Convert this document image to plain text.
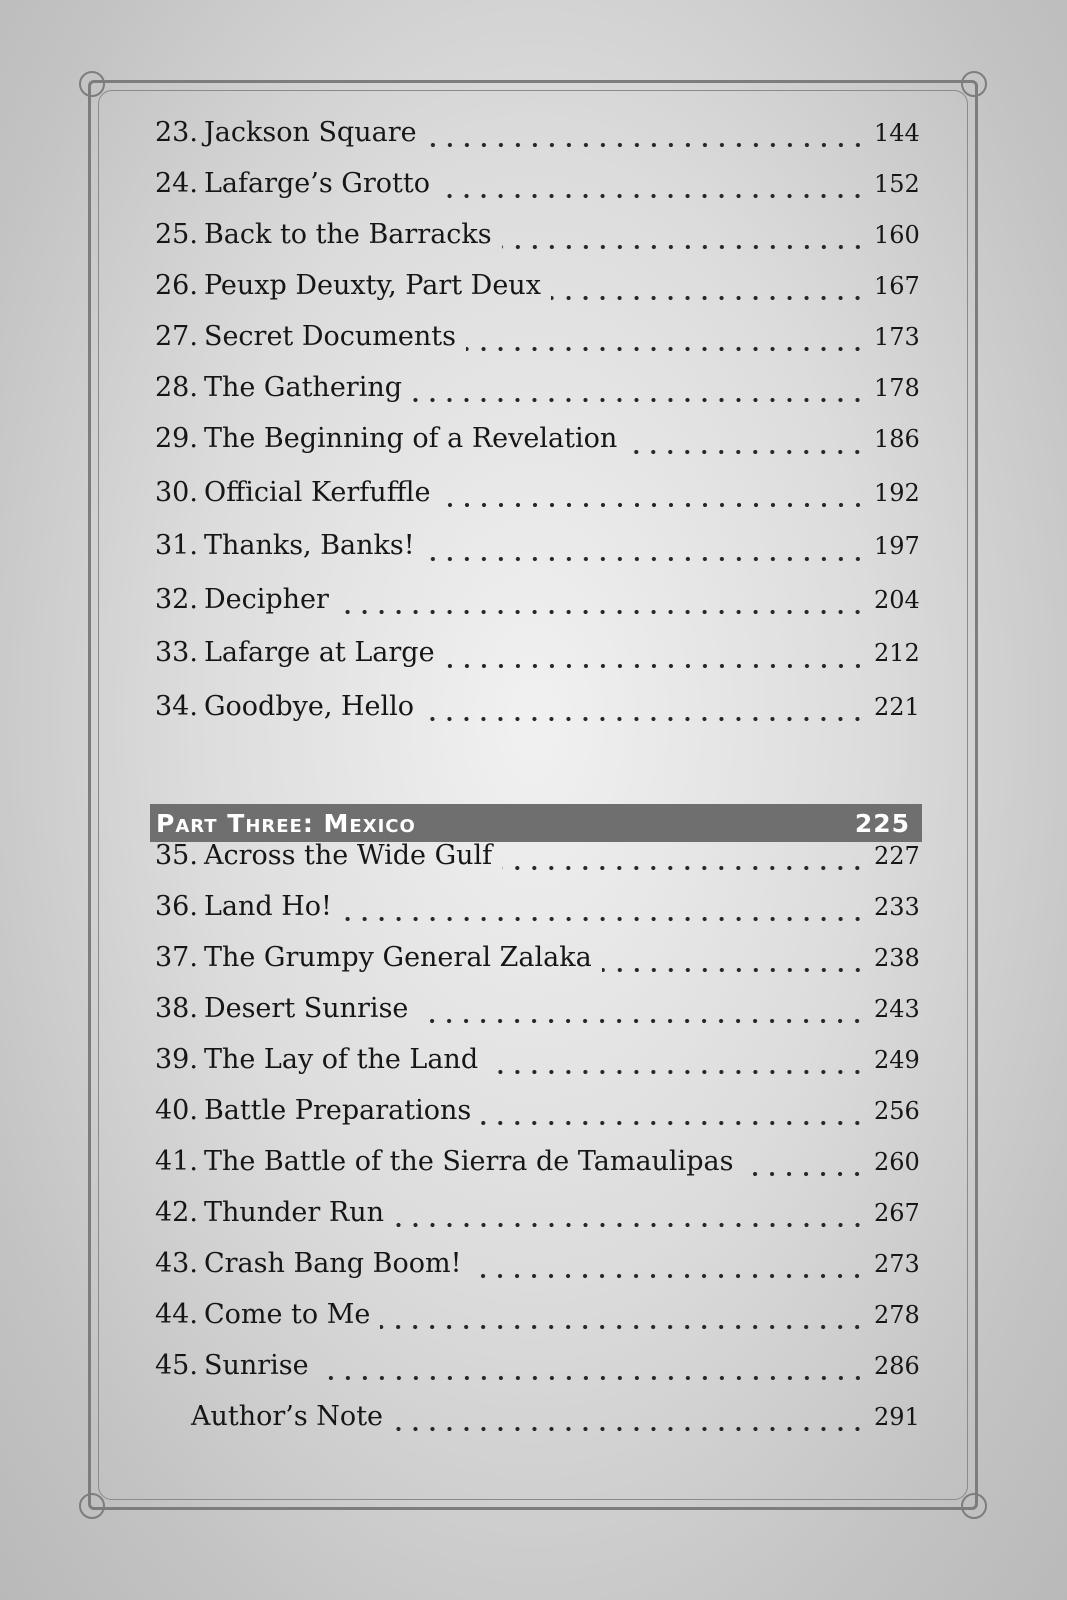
23. Jackson Square	144
24. Lafarge’s Grotto	152
25. Back to the Barracks	160
26. Peuxp Deuxty, Part Deux	167
27. Secret Documents	173
28. The Gathering	178
29. The Beginning of a Revelation	186
30. Official Kerfuffle	192
31. Thanks, Banks!	197
32. Decipher	204
33. Lafarge at Large	212
34. Goodbye, Hello	221
Part Three: Mexico	225
35. Across the Wide Gulf	227
36. Land Ho!	233
37. The Grumpy General Zalaka	238
38. Desert Sunrise	243
39. The Lay of the Land	249
40. Battle Preparations	256
41. The Battle of the Sierra de Tamaulipas	260
42. Thunder Run	267
43. Crash Bang Boom!	273
44. Come to Me	278
45. Sunrise	286
Author’s Note	291
